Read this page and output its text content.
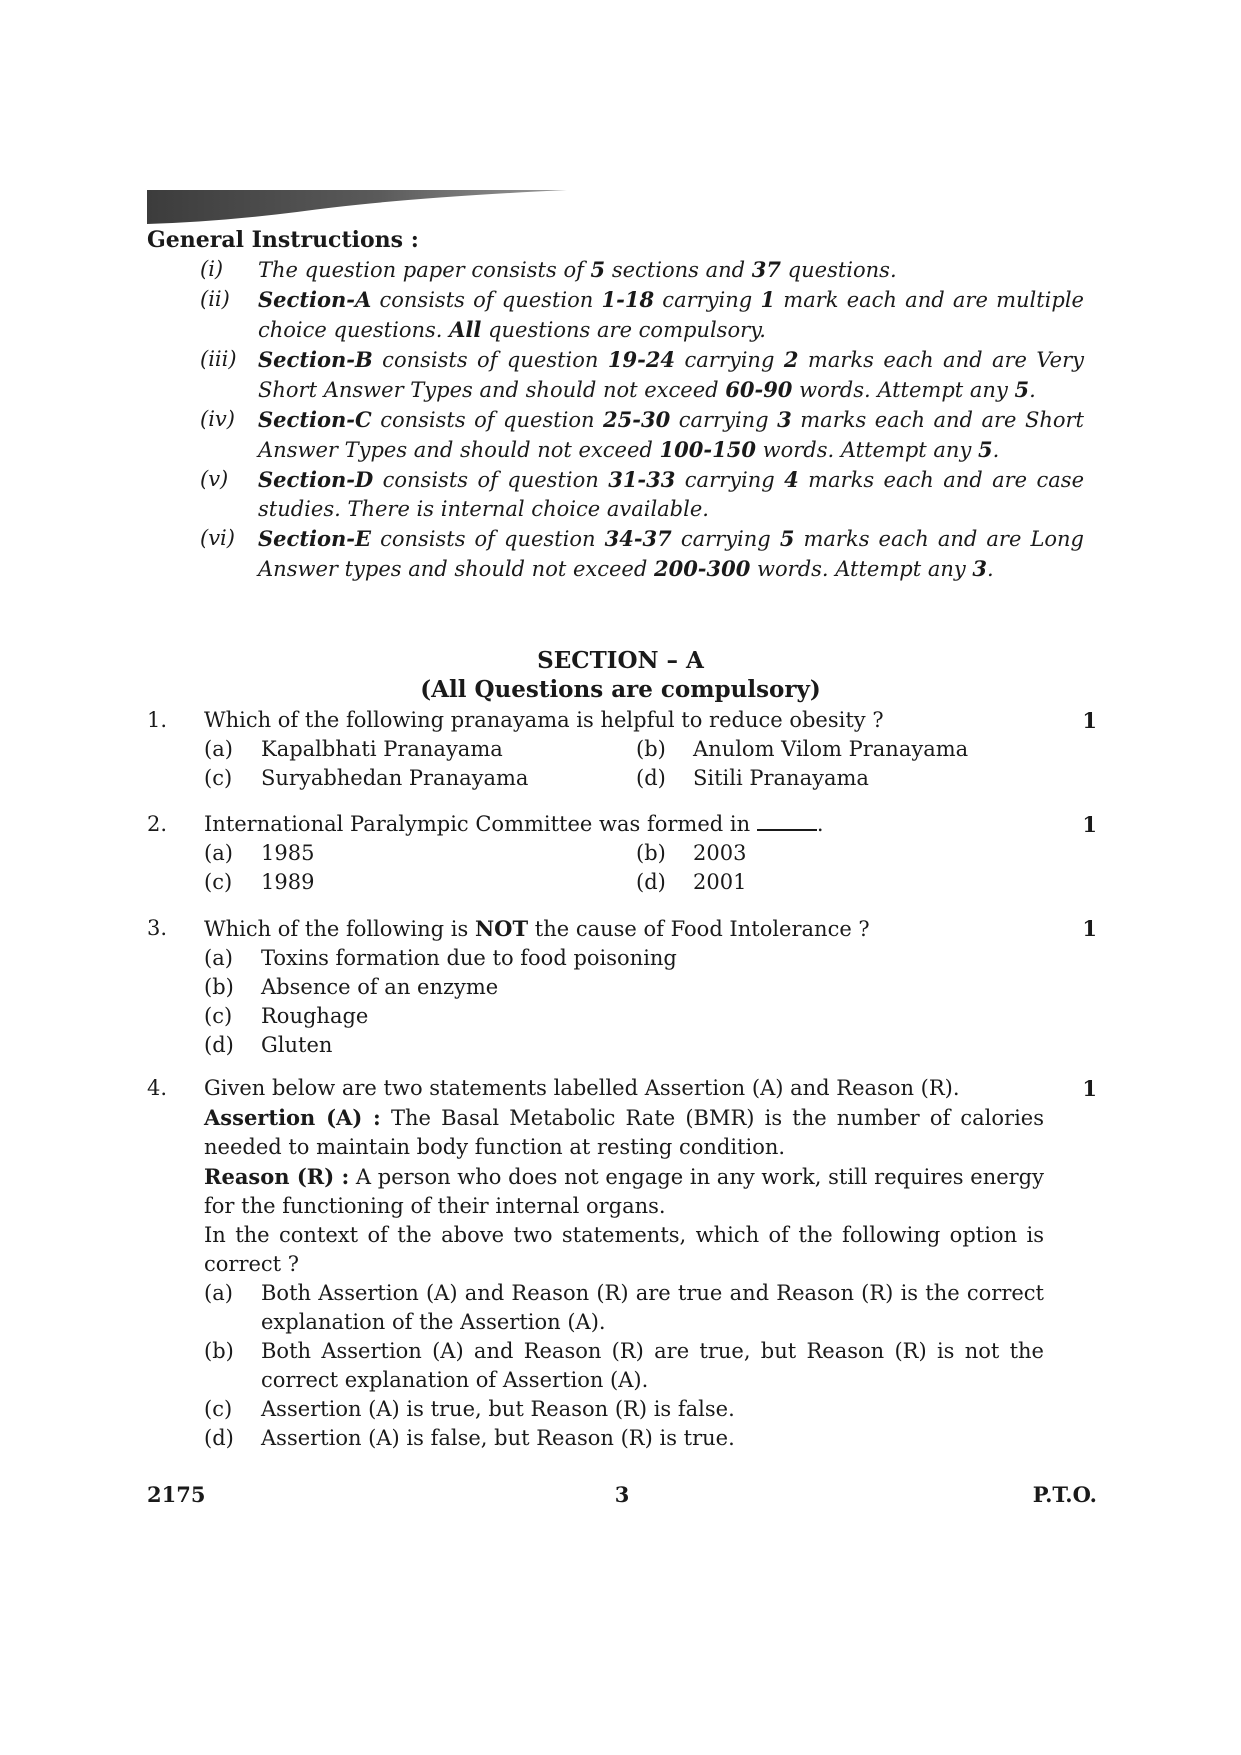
General Instructions :
(i)	The question paper consists of 5 sections and 37 questions.
(ii)	Section-A consists of question 1-18 carrying 1 mark each and are multiple choice questions. All questions are compulsory.
(iii)	Section-B consists of question 19-24 carrying 2 marks each and are Very Short Answer Types and should not exceed 60-90 words. Attempt any 5.
(iv)	Section-C consists of question 25-30 carrying 3 marks each and are Short Answer Types and should not exceed 100-150 words. Attempt any 5.
(v)	Section-D consists of question 31-33 carrying 4 marks each and are case studies. There is internal choice available.
(vi)	Section-E consists of question 34-37 carrying 5 marks each and are Long Answer types and should not exceed 200-300 words. Attempt any 3.
SECTION – A
(All Questions are compulsory)
1.	Which of the following pranayama is helpful to reduce obesity ?	1
(a)	Kapalbhati Pranayama	(b)	Anulom Vilom Pranayama
(c)	Suryabhedan Pranayama	(d)	Sitili Pranayama
2.	International Paralympic Committee was formed in	.	1
(a)	1985	(b)	2003
(c)	1989	(d)	2001
3.	Which of the following is NOT the cause of Food Intolerance ?	1
(a)	Toxins formation due to food poisoning
(b)	Absence of an enzyme
(c)	Roughage
(d)	Gluten
4.	Given below are two statements labelled Assertion (A) and Reason (R).	1
Assertion (A) : The Basal Metabolic Rate (BMR) is the number of calories needed to maintain body function at resting condition.
Reason (R) : A person who does not engage in any work, still requires energy for the functioning of their internal organs.
In the context of the above two statements, which of the following option is correct ?
(a)	Both Assertion (A) and Reason (R) are true and Reason (R) is the correct explanation of the Assertion (A).
(b)	Both Assertion (A) and Reason (R) are true, but Reason (R) is not the correct explanation of Assertion (A).
(c)	Assertion (A) is true, but Reason (R) is false.
(d)	Assertion (A) is false, but Reason (R) is true.
2175	3	P.T.O.
